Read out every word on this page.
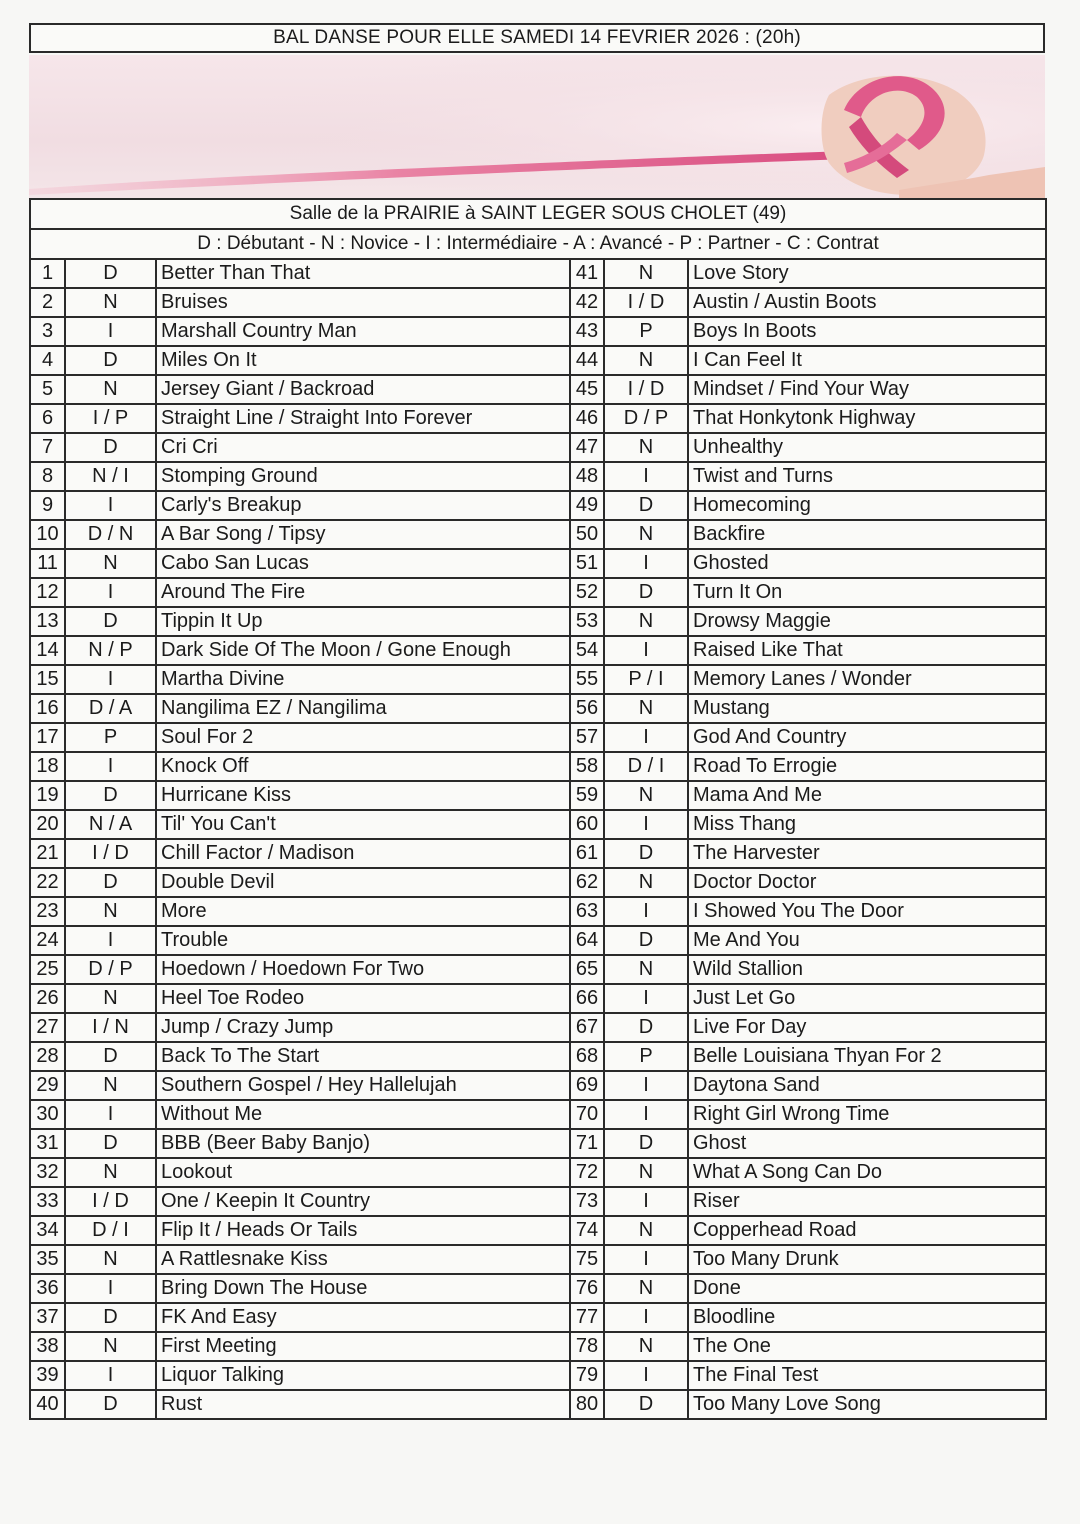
BAL DANSE POUR ELLE SAMEDI 14 FEVRIER 2026 : (20h)
Salle de la PRAIRIE à SAINT LEGER SOUS CHOLET (49)					
D : Débutant - N : Novice - I : Intermédiaire - A : Avancé - P : Partner - C : Contrat					
1	D	Better Than That	41	N	Love Story
2	N	Bruises	42	I / D	Austin / Austin Boots
3	I	Marshall Country Man	43	P	Boys In Boots
4	D	Miles On It	44	N	I Can Feel It
5	N	Jersey Giant / Backroad	45	I / D	Mindset / Find Your Way
6	I / P	Straight Line / Straight Into Forever	46	D / P	That Honkytonk Highway
7	D	Cri Cri	47	N	Unhealthy
8	N / I	Stomping Ground	48	I	Twist and Turns
9	I	Carly's Breakup	49	D	Homecoming
10	D / N	A Bar Song / Tipsy	50	N	Backfire
11	N	Cabo San Lucas	51	I	Ghosted
12	I	Around The Fire	52	D	Turn It On
13	D	Tippin It Up	53	N	Drowsy Maggie
14	N / P	Dark Side Of The Moon / Gone Enough	54	I	Raised Like That
15	I	Martha Divine	55	P / I	Memory Lanes / Wonder
16	D / A	Nangilima EZ / Nangilima	56	N	Mustang
17	P	Soul For 2	57	I	God And Country
18	I	Knock Off	58	D / I	Road To Errogie
19	D	Hurricane Kiss	59	N	Mama And Me
20	N / A	Til' You Can't	60	I	Miss Thang
21	I / D	Chill Factor / Madison	61	D	The Harvester
22	D	Double Devil	62	N	Doctor Doctor
23	N	More	63	I	I Showed You The Door
24	I	Trouble	64	D	Me And You
25	D / P	Hoedown / Hoedown For Two	65	N	Wild Stallion
26	N	Heel Toe Rodeo	66	I	Just Let Go
27	I / N	Jump / Crazy Jump	67	D	Live For Day
28	D	Back To The Start	68	P	Belle Louisiana Thyan For 2
29	N	Southern Gospel / Hey Hallelujah	69	I	Daytona Sand
30	I	Without Me	70	I	Right Girl Wrong Time
31	D	BBB (Beer Baby Banjo)	71	D	Ghost
32	N	Lookout	72	N	What A Song Can Do
33	I / D	One / Keepin It Country	73	I	Riser
34	D / I	Flip It / Heads Or Tails	74	N	Copperhead Road
35	N	A Rattlesnake Kiss	75	I	Too Many Drunk
36	I	Bring Down The House	76	N	Done
37	D	FK And Easy	77	I	Bloodline
38	N	First Meeting	78	N	The One
39	I	Liquor Talking	79	I	The Final Test
40	D	Rust	80	D	Too Many Love Song
